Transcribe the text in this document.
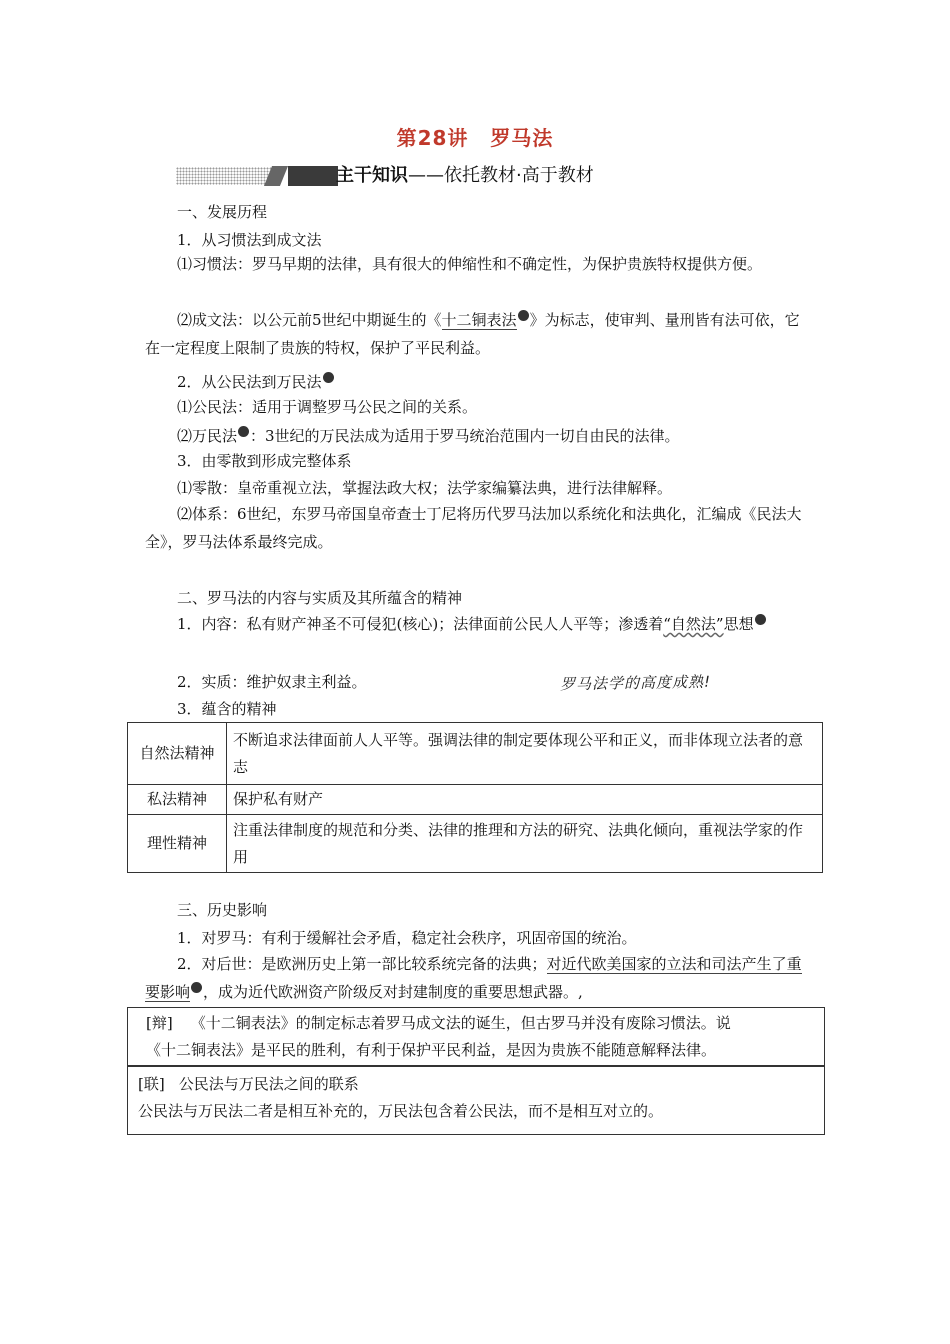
第28讲 罗马法
主干知识——依托教材·高于教材
一、发展历程
1．从习惯法到成文法
⑴习惯法：罗马早期的法律，具有很大的伸缩性和不确定性，为保护贵族特权提供方便。
⑵成文法：以公元前5世纪中期诞生的《十二铜表法 》为标志，使审判、量刑皆有法可依，它在一定程度上限制了贵族的特权，保护了平民利益。
2．从公民法到万民法
⑴公民法：适用于调整罗马公民之间的关系。
⑵万民法 ：3世纪的万民法成为适用于罗马统治范围内一切自由民的法律。
3．由零散到形成完整体系
⑴零散：皇帝重视立法，掌握法政大权；法学家编纂法典，进行法律解释。
⑵体系：6世纪，东罗马帝国皇帝查士丁尼将历代罗马法加以系统化和法典化，汇编成《民法大全》，罗马法体系最终完成。
二、罗马法的内容与实质及其所蕴含的精神
1．内容：私有财产神圣不可侵犯(核心)；法律面前公民人人平等；渗透着“自然法”思想
2．实质：维护奴隶主利益。	罗马法学的高度成熟!
3．蕴含的精神
自然法精神	不断追求法律面前人人平等。强调法律的制定要体现公平和正义，而非体现立法者的意志
私法精神	保护私有财产
理性精神	注重法律制度的规范和分类、法律的推理和方法的研究、法典化倾向，重视法学家的作用
三、历史影响
1．对罗马：有利于缓解社会矛盾，稳定社会秩序，巩固帝国的统治。
2．对后世：是欧洲历史上第一部比较系统完备的法典；对近代欧美国家的立法和司法产生了重要影响 ，成为近代欧洲资产阶级反对封建制度的重要思想武器。,
[辩] 《十二铜表法》的制定标志着罗马成文法的诞生，但古罗马并没有废除习惯法。说
《十二铜表法》是平民的胜利，有利于保护平民利益，是因为贵族不能随意解释法律。
[联] 公民法与万民法之间的联系
公民法与万民法二者是相互补充的，万民法包含着公民法，而不是相互对立的。
